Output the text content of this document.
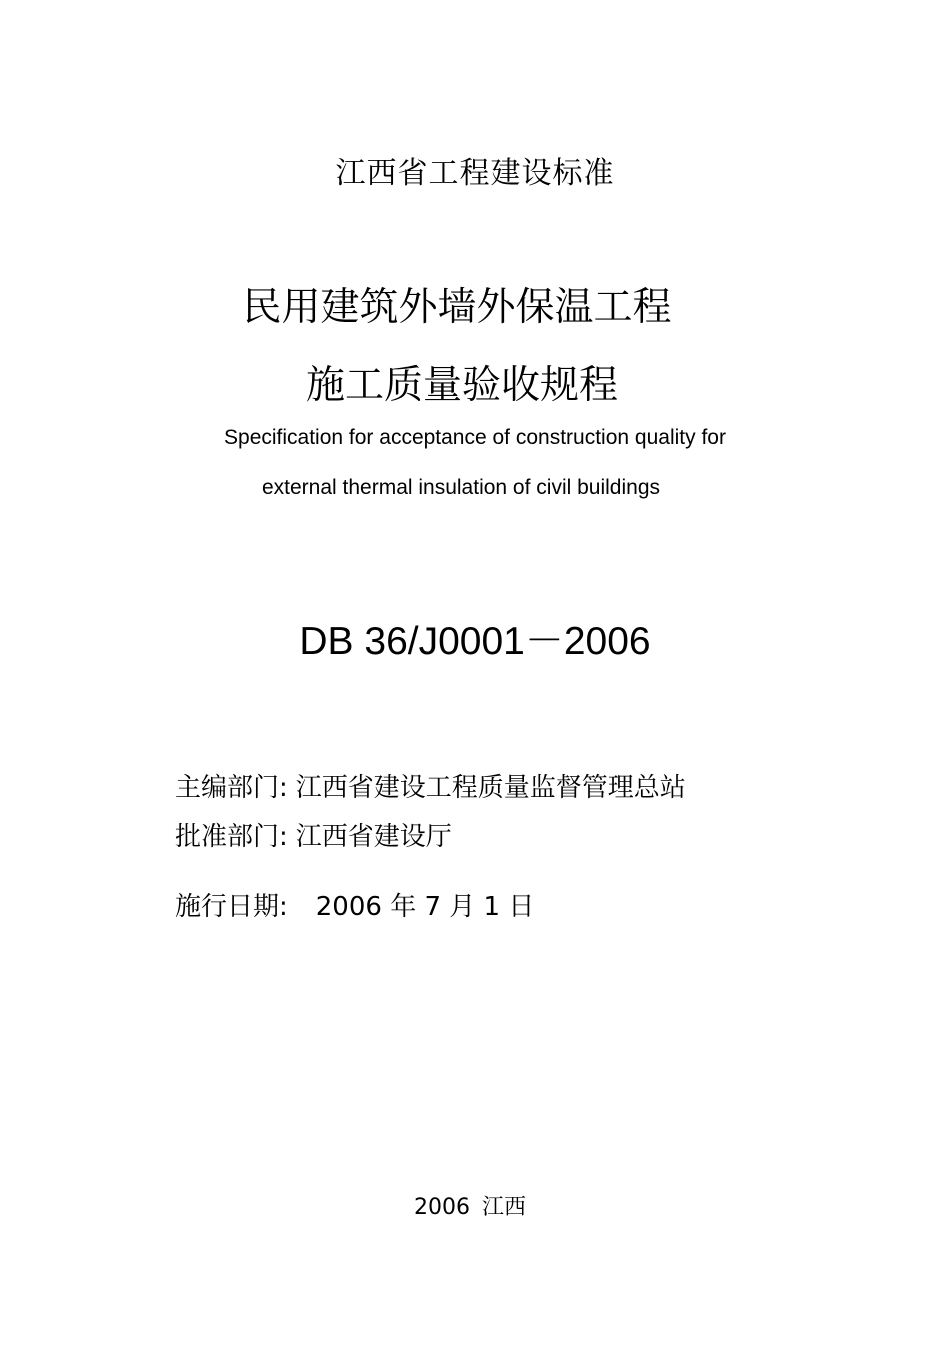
江西省工程建设标准
民用建筑外墙外保温工程
施工质量验收规程
Specification for acceptance of construction quality for
external thermal insulation of civil buildings
DB 36/J0001－2006
主编部门: 江西省建设工程质量监督管理总站
批准部门: 江西省建设厅
施行日期: 2006 年 7 月 1 日
2006 江西
